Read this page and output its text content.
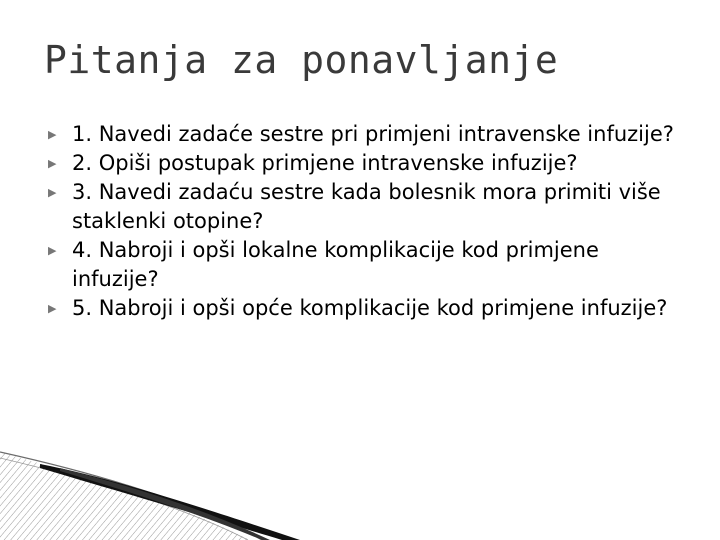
Pitanja za ponavljanje
▶ 1. Navedi zadaće sestre pri primjeni intravenske infuzije?
▶ 2. Opiši postupak primjene intravenske infuzije?
▶ 3. Navedi zadaću sestre kada bolesnik mora primiti više staklenki otopine?
▶ 4. Nabroji i opši lokalne komplikacije kod primjene infuzije?
▶ 5. Nabroji i opši opće komplikacije kod primjene infuzije?
